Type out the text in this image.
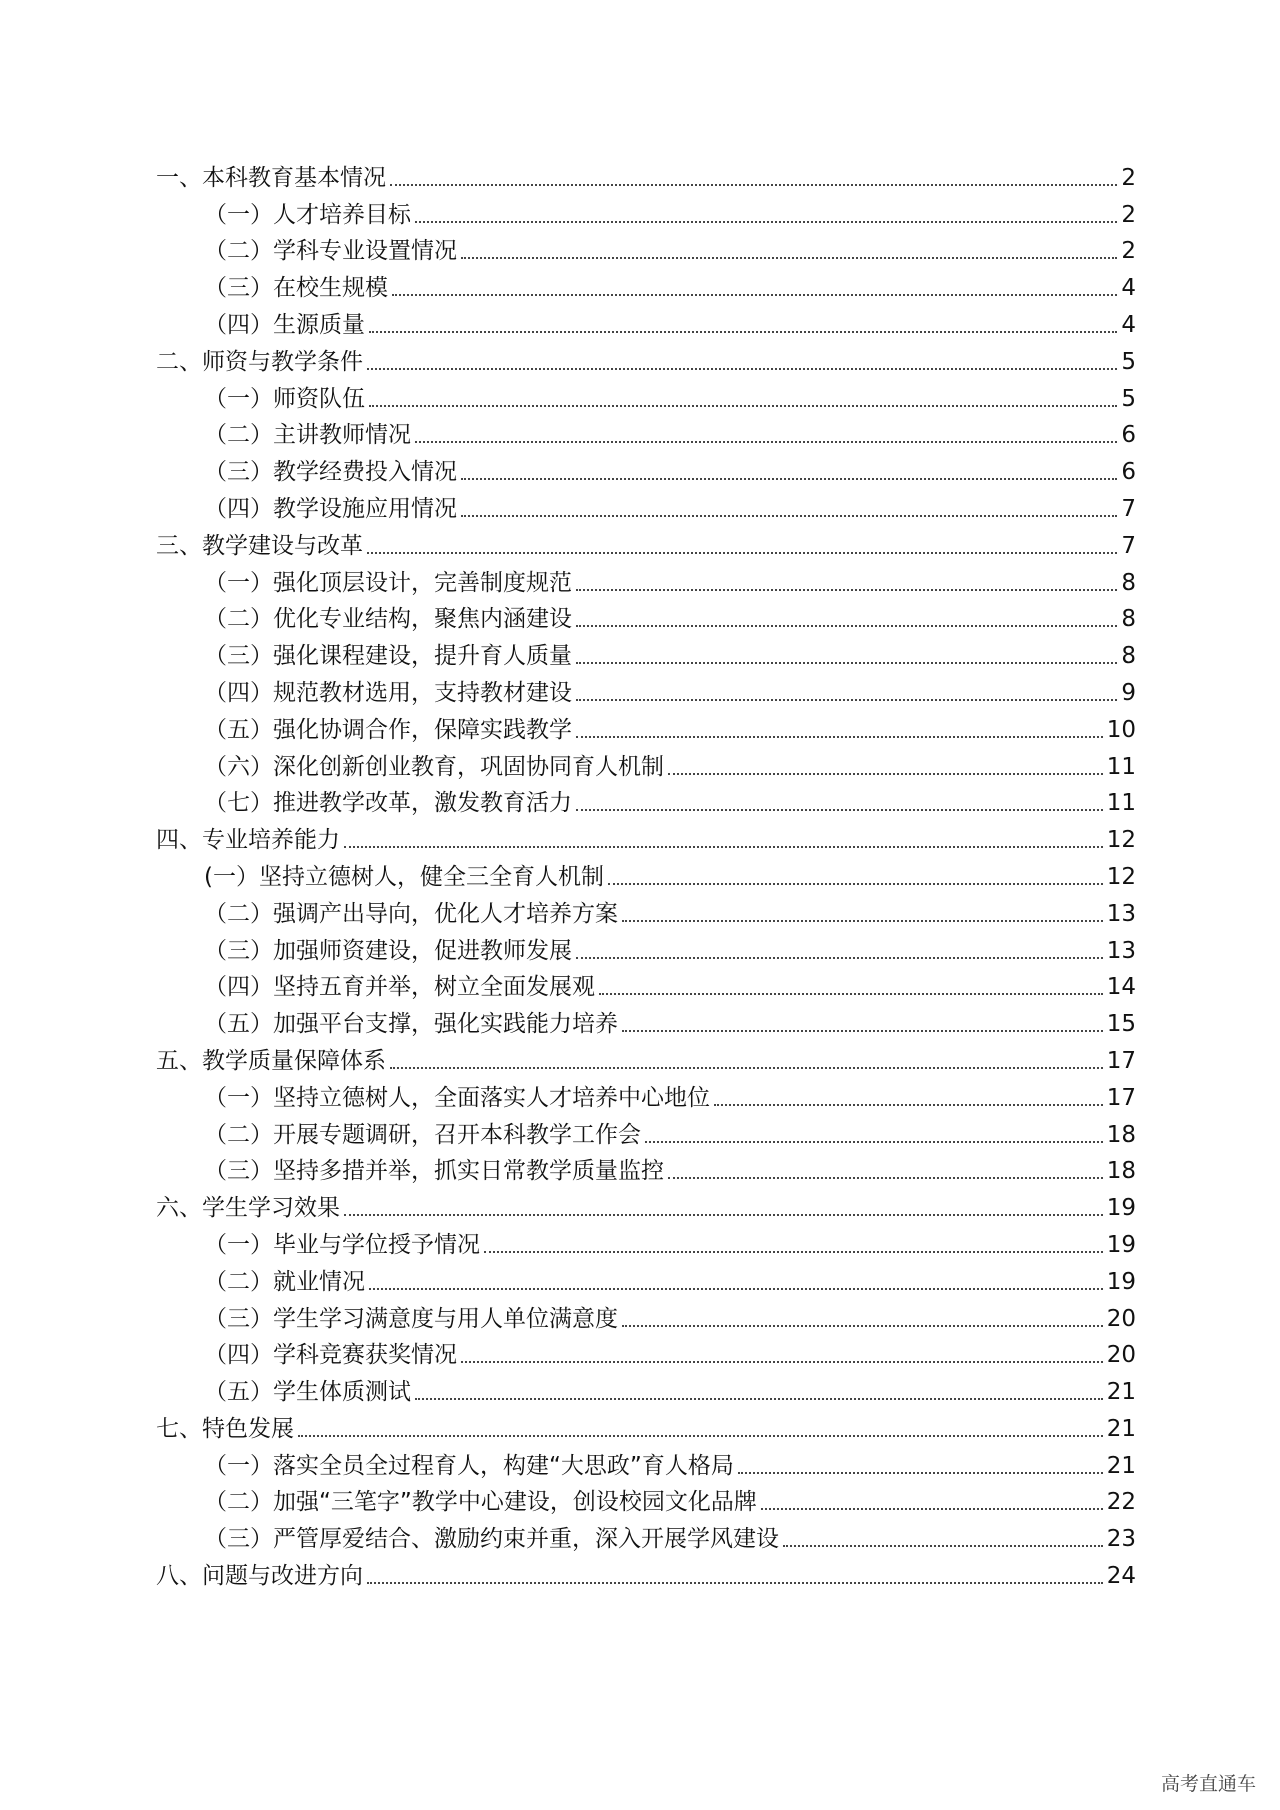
一、本科教育基本情况	2
（一）人才培养目标	2
（二）学科专业设置情况	2
（三）在校生规模	4
（四）生源质量	4
二、师资与教学条件	5
（一）师资队伍	5
（二）主讲教师情况	6
（三）教学经费投入情况	6
（四）教学设施应用情况	7
三、教学建设与改革	7
（一）强化顶层设计，完善制度规范	8
（二）优化专业结构，聚焦内涵建设	8
（三）强化课程建设，提升育人质量	8
（四）规范教材选用，支持教材建设	9
（五）强化协调合作，保障实践教学	10
（六）深化创新创业教育，巩固协同育人机制	11
（七）推进教学改革，激发教育活力	11
四、专业培养能力	12
(一）坚持立德树人，健全三全育人机制	12
（二）强调产出导向，优化人才培养方案	13
（三）加强师资建设，促进教师发展	13
（四）坚持五育并举，树立全面发展观	14
（五）加强平台支撑，强化实践能力培养	15
五、教学质量保障体系	17
（一）坚持立德树人，全面落实人才培养中心地位	17
（二）开展专题调研，召开本科教学工作会	18
（三）坚持多措并举，抓实日常教学质量监控	18
六、学生学习效果	19
（一）毕业与学位授予情况	19
（二）就业情况	19
（三）学生学习满意度与用人单位满意度	20
（四）学科竞赛获奖情况	20
（五）学生体质测试	21
七、特色发展	21
（一）落实全员全过程育人，构建“大思政”育人格局	21
（二）加强“三笔字”教学中心建设，创设校园文化品牌	22
（三）严管厚爱结合、激励约束并重，深入开展学风建设	23
八、问题与改进方向	24
高考直通车
